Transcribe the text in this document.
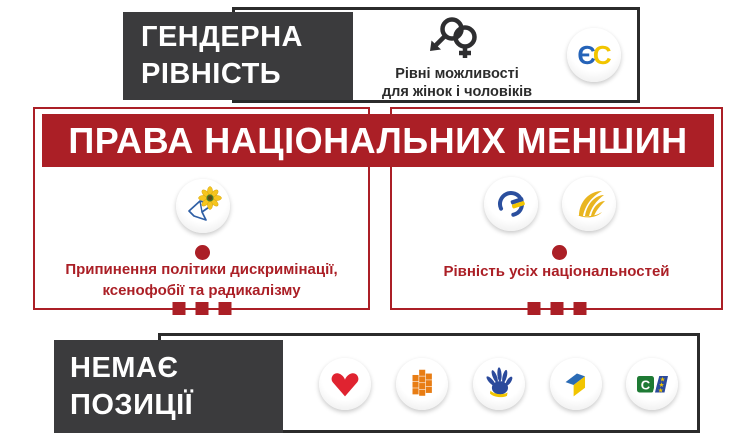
ГЕНДЕРНА
РІВНІСТЬ	Рівні можливості
для жінок і чоловіків
Є
С
ПРАВА НАЦІОНАЛЬНИХ МЕНШИН
Припинення політики дискримінації,
ксенофобії та радикалізму
Рівність усіх національностей
НЕМАЄ
ПОЗИЦІЇ
C ★
★
★
